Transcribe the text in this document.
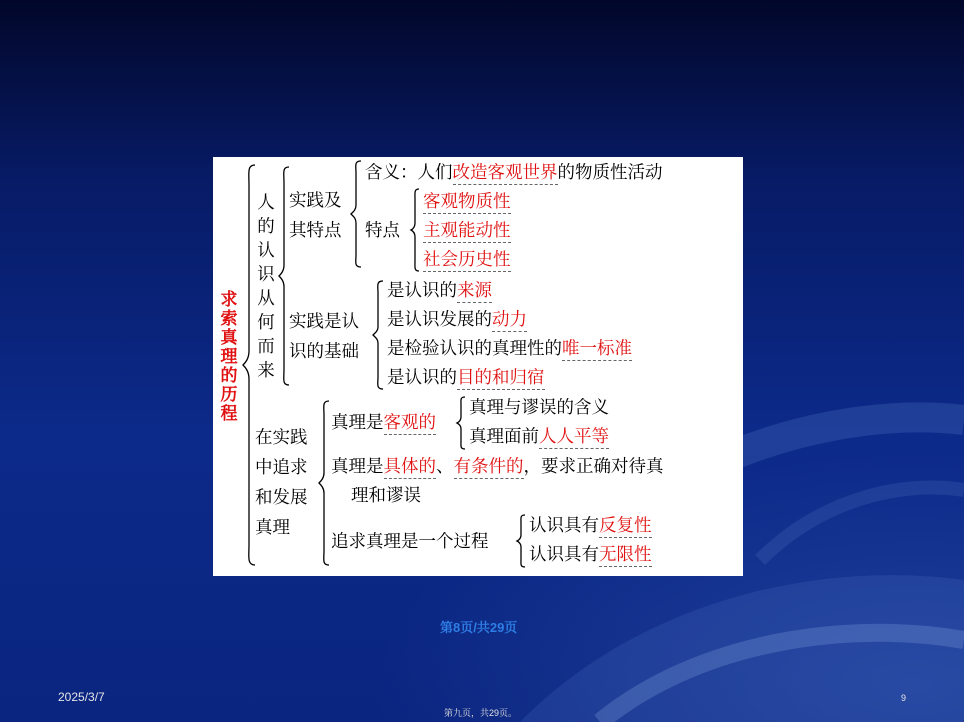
求
索
真
理
的
历
程
人
的
认
识
从
何
而
来
实践及
其特点
含义：人们改造客观世界的物质性活动
特点
客观物质性
主观能动性
社会历史性
实践是认
识的基础
是认识的来源
是认识发展的动力
是检验认识的真理性的唯一标准
是认识的目的和归宿
在实践
中追求
和发展
真理
真理是客观的
真理与谬误的含义
真理面前人人平等
真理是具体的、有条件的，要求正确对待真
理和谬误
追求真理是一个过程
认识具有反复性
认识具有无限性
第8页/共29页
2025/3/7	9
第九页，共29页。
